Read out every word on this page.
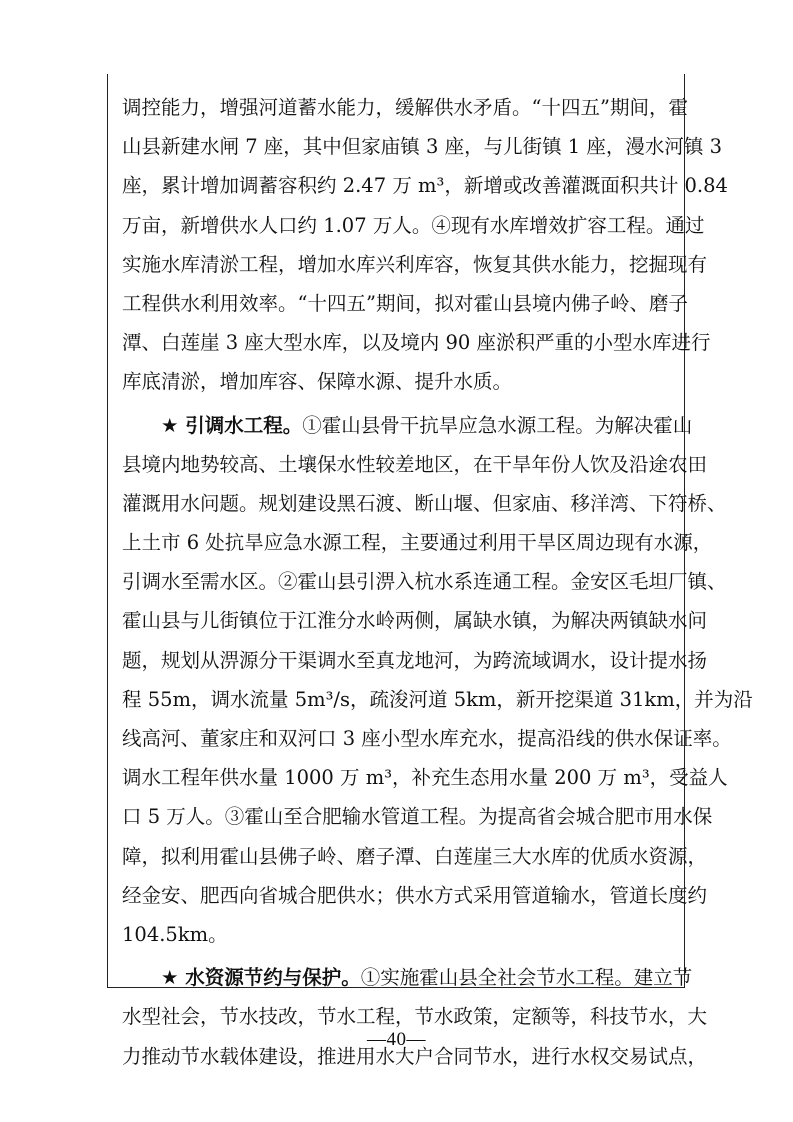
调控能力，增强河道蓄水能力，缓解供水矛盾。“十四五”期间，霍
山县新建水闸 7 座，其中但家庙镇 3 座，与儿街镇 1 座，漫水河镇 3
座，累计增加调蓄容积约 2.47 万 m³，新增或改善灌溉面积共计 0.84
万亩，新增供水人口约 1.07 万人。④现有水库增效扩容工程。通过
实施水库清淤工程，增加水库兴利库容，恢复其供水能力，挖掘现有
工程供水利用效率。“十四五”期间，拟对霍山县境内佛子岭、磨子
潭、白莲崖 3 座大型水库，以及境内 90 座淤积严重的小型水库进行
库底清淤，增加库容、保障水源、提升水质。
★ 引调水工程。①霍山县骨干抗旱应急水源工程。为解决霍山
县境内地势较高、土壤保水性较差地区，在干旱年份人饮及沿途农田
灌溉用水问题。规划建设黑石渡、断山堰、但家庙、移洋湾、下符桥、
上土市 6 处抗旱应急水源工程，主要通过利用干旱区周边现有水源，
引调水至需水区。②霍山县引淠入杭水系连通工程。金安区毛坦厂镇、
霍山县与儿街镇位于江淮分水岭两侧，属缺水镇，为解决两镇缺水问
题，规划从淠源分干渠调水至真龙地河，为跨流域调水，设计提水扬
程 55m，调水流量 5m³/s，疏浚河道 5km，新开挖渠道 31km，并为沿
线高河、董家庄和双河口 3 座小型水库充水，提高沿线的供水保证率。
调水工程年供水量 1000 万 m³，补充生态用水量 200 万 m³，受益人
口 5 万人。③霍山至合肥输水管道工程。为提高省会城合肥市用水保
障，拟利用霍山县佛子岭、磨子潭、白莲崖三大水库的优质水资源，
经金安、肥西向省城合肥供水；供水方式采用管道输水，管道长度约
104.5km。
★ 水资源节约与保护。①实施霍山县全社会节水工程。建立节
水型社会，节水技改，节水工程，节水政策，定额等，科技节水，大
力推动节水载体建设，推进用水大户合同节水，进行水权交易试点，
—40—
